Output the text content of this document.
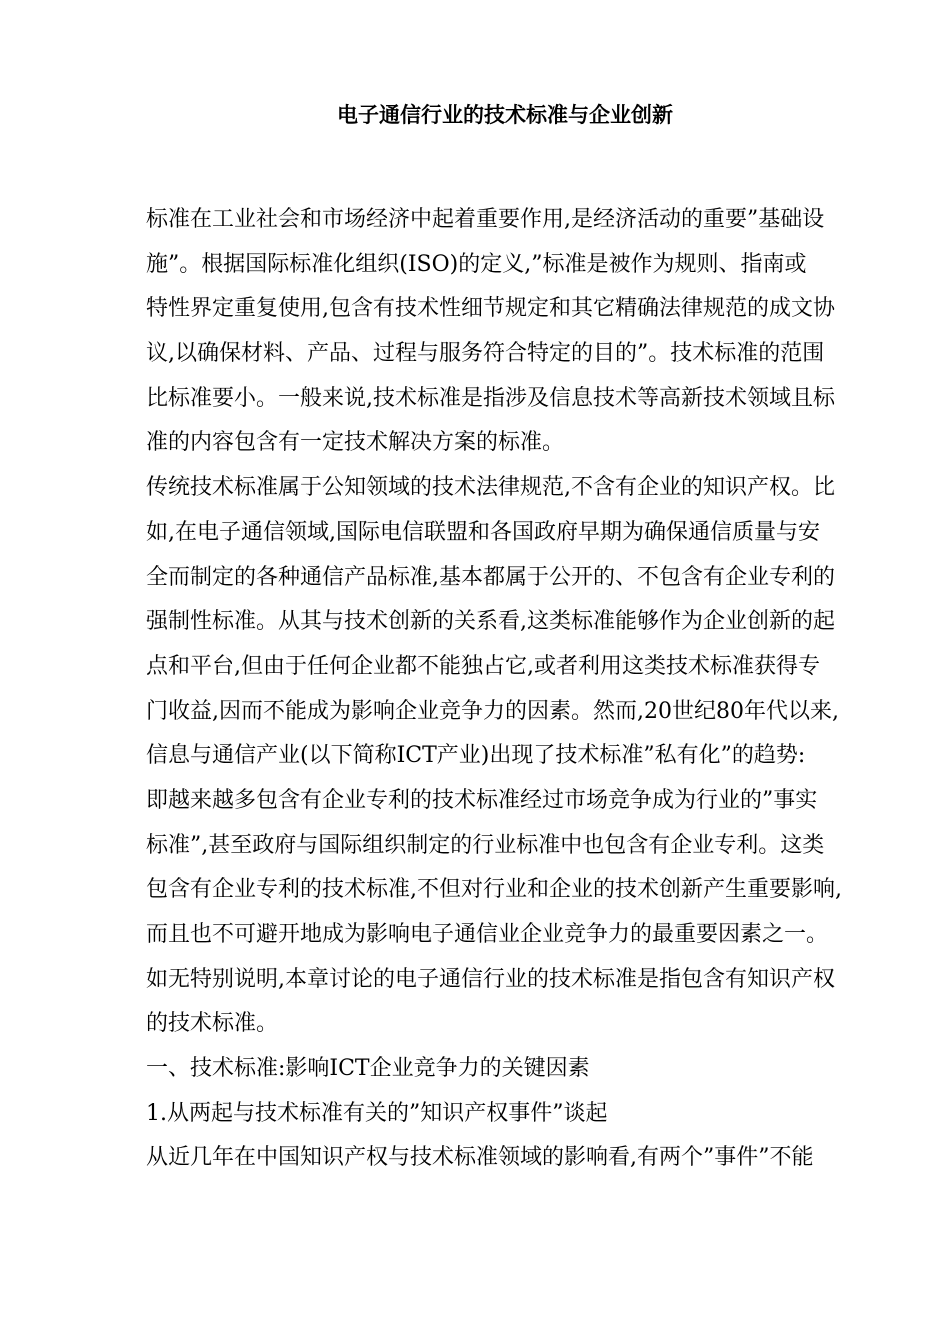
电子通信行业的技术标准与企业创新
标准在工业社会和市场经济中起着重要作用,是经济活动的重要”基础设
施”。根据国际标准化组织(ISO)的定义,”标准是被作为规则、指南或
特性界定重复使用,包含有技术性细节规定和其它精确法律规范的成文协
议,以确保材料、产品、过程与服务符合特定的目的”。技术标准的范围
比标准要小。一般来说,技术标准是指涉及信息技术等高新技术领域且标
准的内容包含有一定技术解决方案的标准。
传统技术标准属于公知领域的技术法律规范,不含有企业的知识产权。比
如,在电子通信领域,国际电信联盟和各国政府早期为确保通信质量与安
全而制定的各种通信产品标准,基本都属于公开的、不包含有企业专利的
强制性标准。从其与技术创新的关系看,这类标准能够作为企业创新的起
点和平台,但由于任何企业都不能独占它,或者利用这类技术标准获得专
门收益,因而不能成为影响企业竞争力的因素。然而,20世纪80年代以来,
信息与通信产业(以下简称ICT产业)出现了技术标准”私有化”的趋势:
即越来越多包含有企业专利的技术标准经过市场竞争成为行业的”事实
标准”,甚至政府与国际组织制定的行业标准中也包含有企业专利。这类
包含有企业专利的技术标准,不但对行业和企业的技术创新产生重要影响,
而且也不可避开地成为影响电子通信业企业竞争力的最重要因素之一。
如无特别说明,本章讨论的电子通信行业的技术标准是指包含有知识产权
的技术标准。
一、技术标准:影响ICT企业竞争力的关键因素
1.从两起与技术标准有关的”知识产权事件”谈起
从近几年在中国知识产权与技术标准领域的影响看,有两个”事件”不能
